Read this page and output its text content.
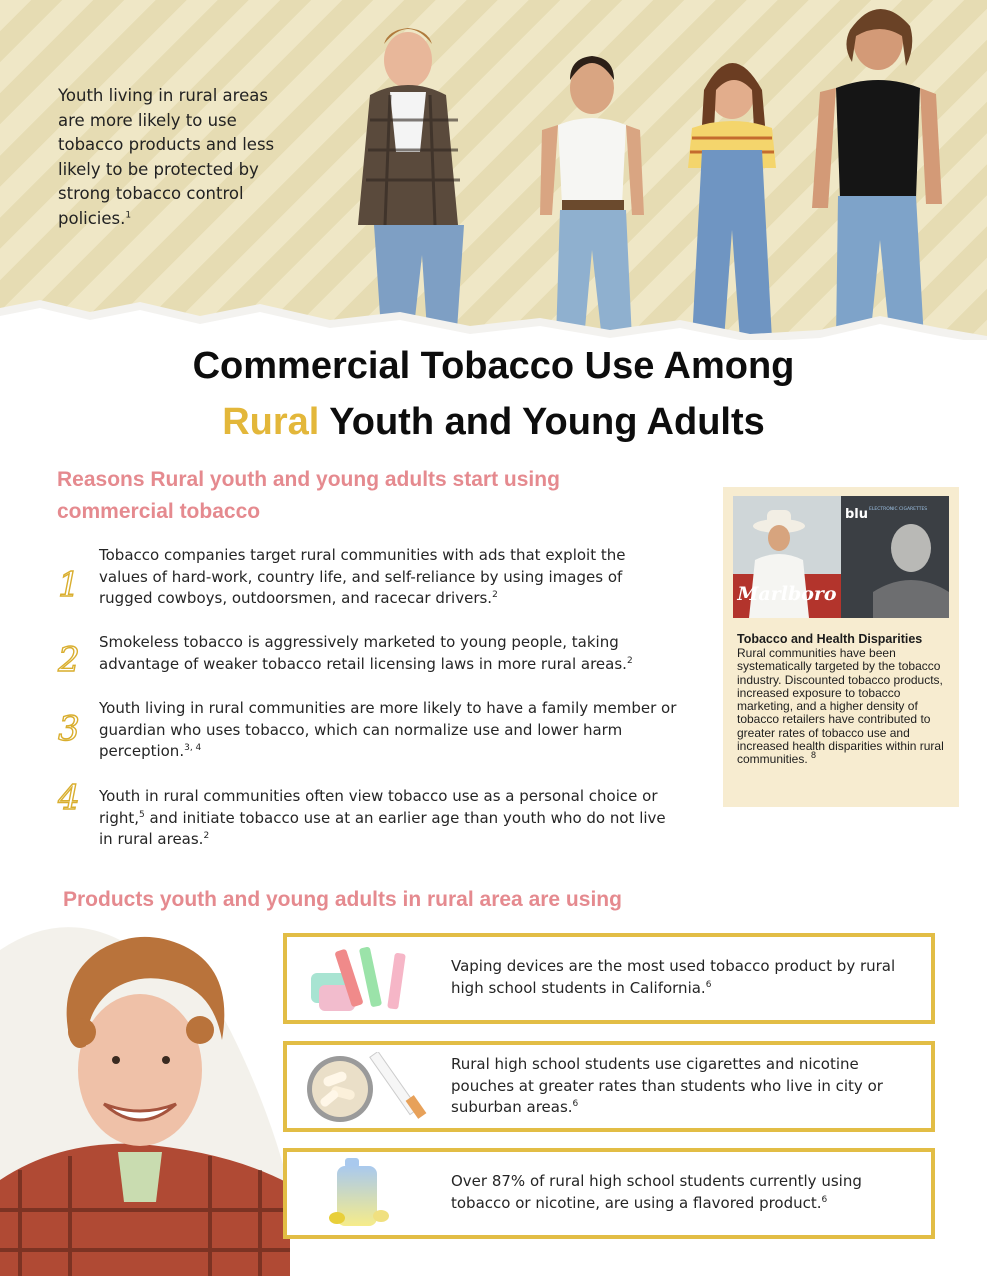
Youth living in rural areas are more likely to use tobacco products and less likely to be protected by strong tobacco control policies.$^1$

Commercial Tobacco Use Among
Rural Youth and Young Adults
Reasons Rural youth and young adults start using commercial tobacco
1

Tobacco companies target rural communities with ads that exploit the values of hard-work, country life, and self-reliance by using images of rugged cowboys, outdoorsmen, and racecar drivers.$^2$

2	Smokeless tobacco is aggressively marketed to young people, taking advantage of weaker tobacco retail licensing laws in more rural areas.$^2$

3

Youth living in rural communities are more likely to have a family member or guardian who uses tobacco, which can normalize use and lower harm perception.$^{3, 4}$

4	Youth in rural communities often view tobacco use as a personal choice or right,$^5$ and initiate tobacco use at an earlier age than youth who do not live in rural areas.$^2$

Marlboro
blu ELECTRONIC CIGARETTES
Tobacco and Health Disparities

Rural communities have been systematically targeted by the tobacco industry. Discounted tobacco products, increased exposure to tobacco marketing, and a higher density of tobacco retailers have contributed to greater rates of tobacco use and increased health disparities within rural communities. $^8$

Products youth and young adults in rural area are using

Vaping devices are the most used tobacco product by rural high school students in California.$^6$

Rural high school students use cigarettes and nicotine pouches at greater rates than students who live in city or suburban areas.$^6$

Over 87% of rural high school students currently using tobacco or nicotine, are using a flavored product.$^6$
